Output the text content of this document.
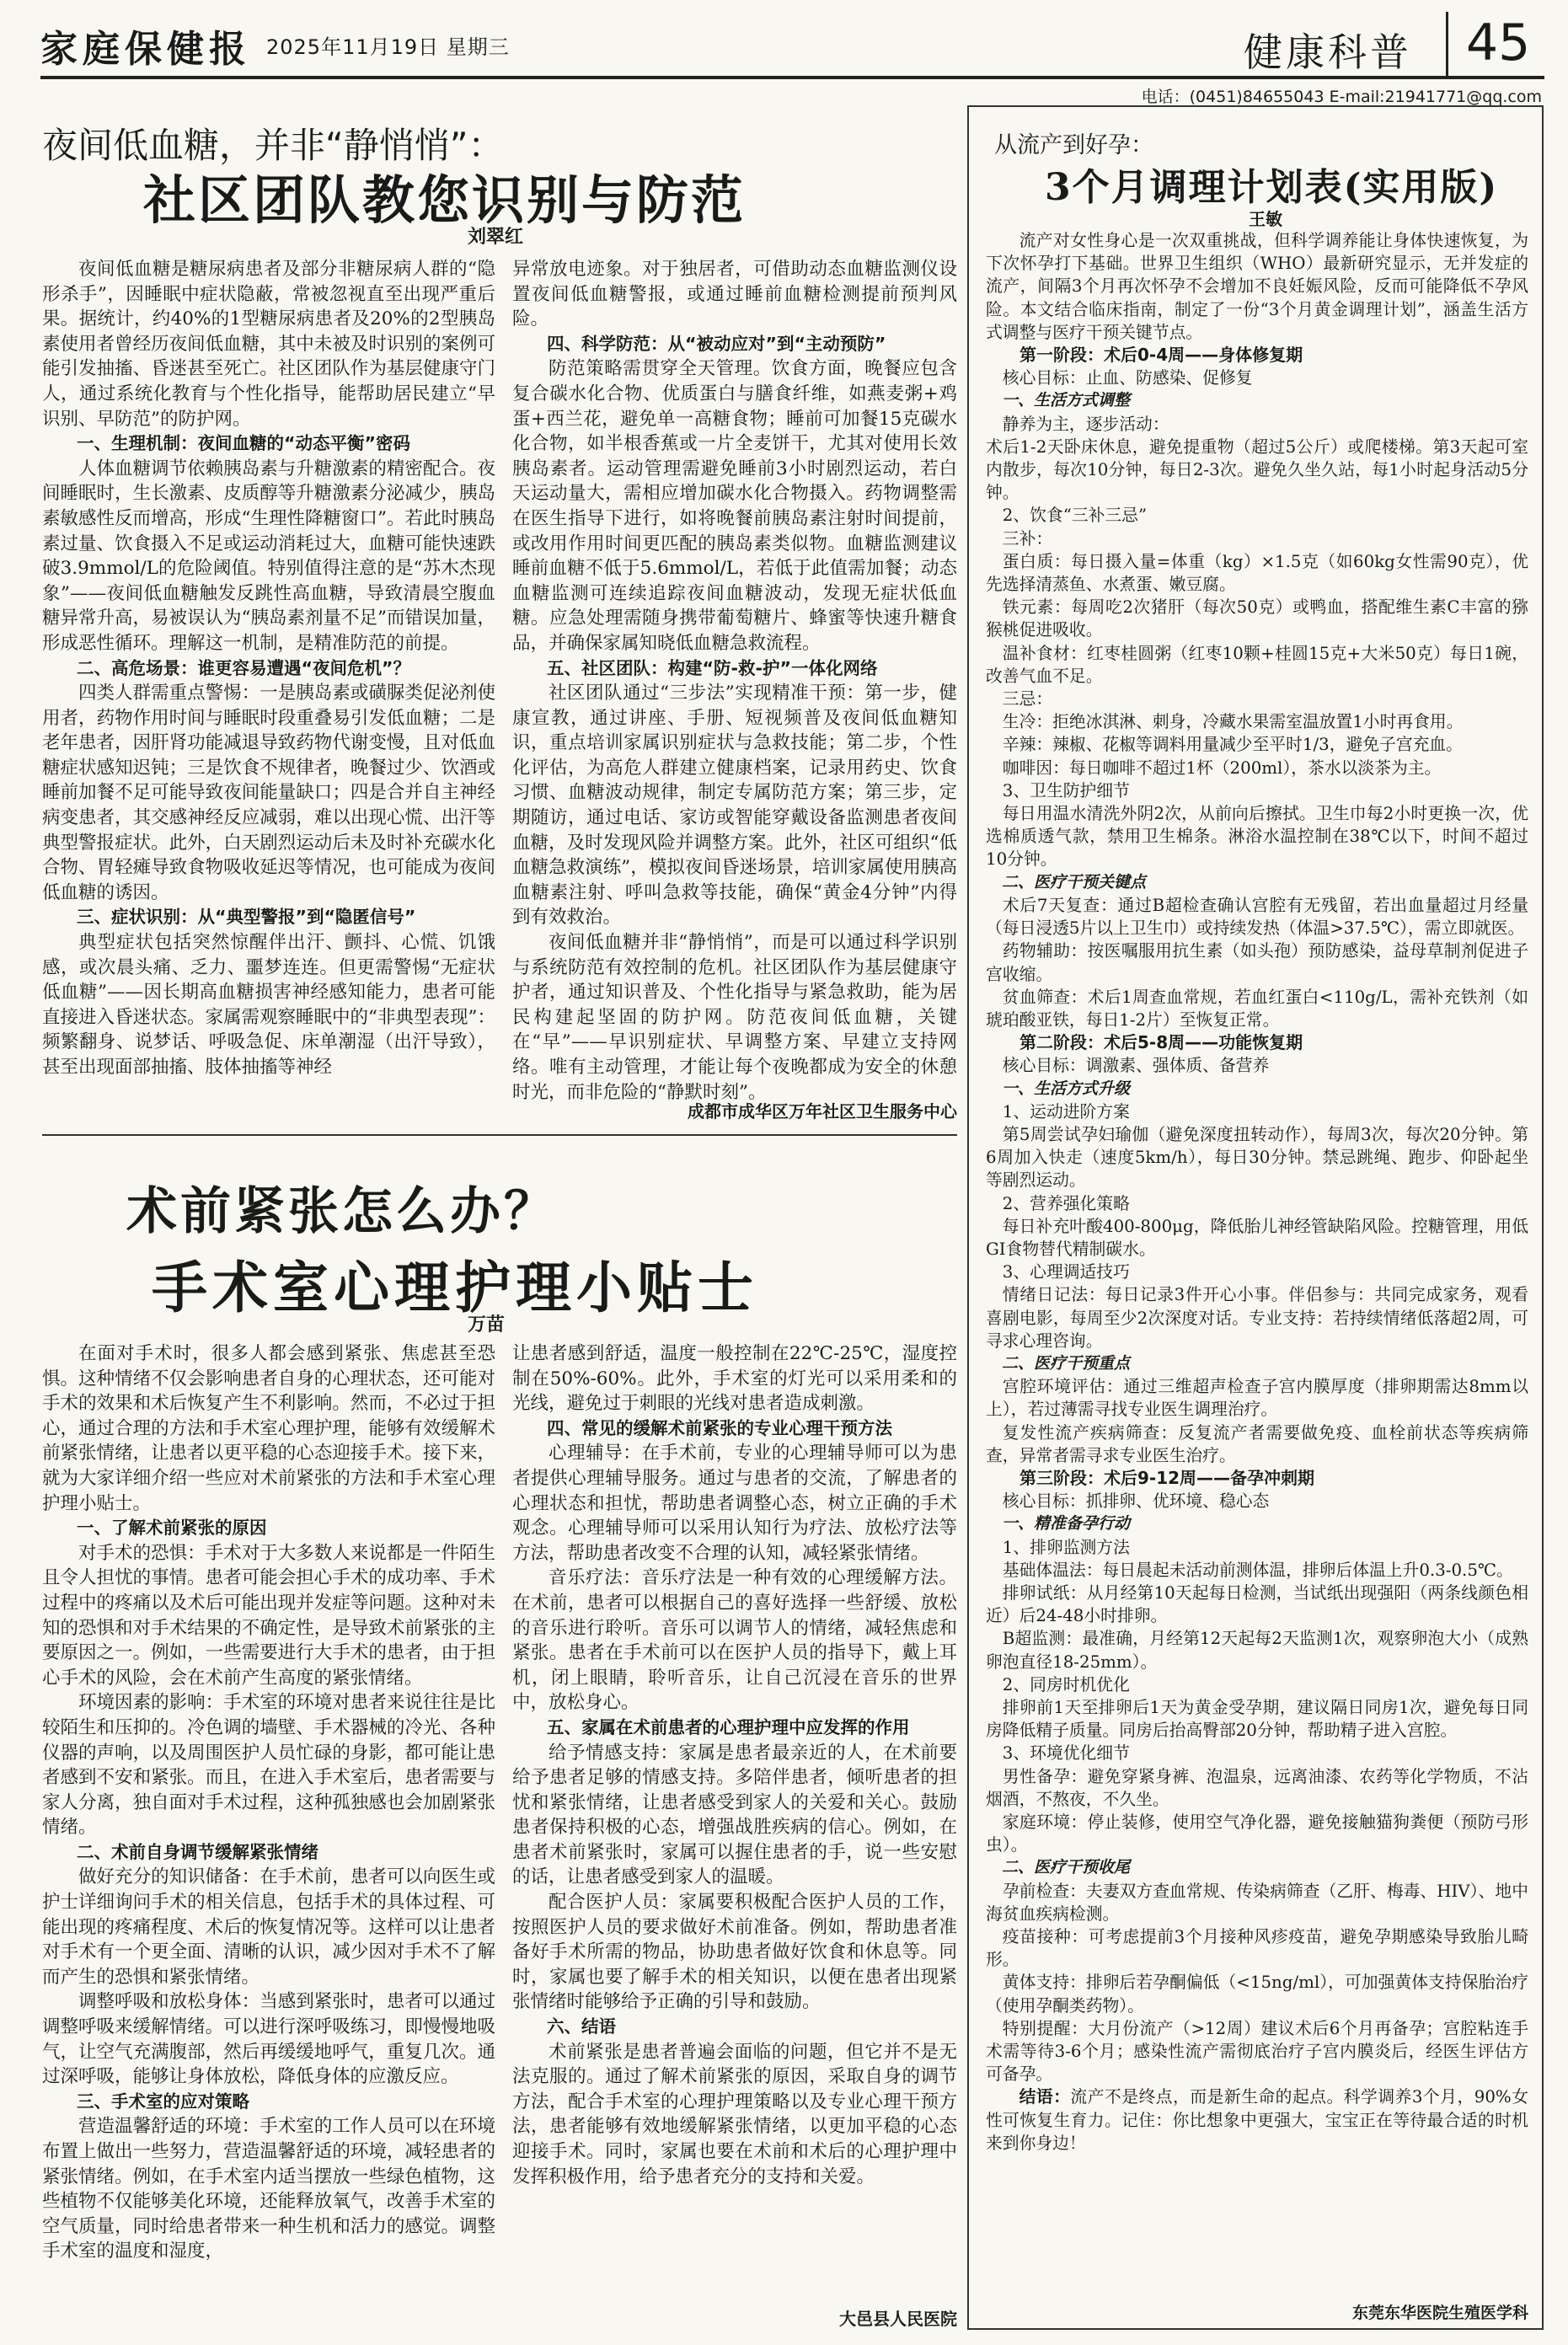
家庭保健报 2025年11月19日 星期三	健康科普 45
电话：(0451)84655043 E-mail:21941771@qq.com
夜间低血糖，并非“静悄悄”：
社区团队教您识别与防范
刘翠红

夜间低血糖是糖尿病患者及部分非糖尿病人群的“隐形杀手”，因睡眠中症状隐蔽，常被忽视直至出现严重后果。据统计，约40%的1型糖尿病患者及20%的2型胰岛素使用者曾经历夜间低血糖，其中未被及时识别的案例可能引发抽搐、昏迷甚至死亡。社区团队作为基层健康守门人，通过系统化教育与个性化指导，能帮助居民建立“早识别、早防范”的防护网。

一、生理机制：夜间血糖的“动态平衡”密码

人体血糖调节依赖胰岛素与升糖激素的精密配合。夜间睡眠时，生长激素、皮质醇等升糖激素分泌减少，胰岛素敏感性反而增高，形成“生理性降糖窗口”。若此时胰岛素过量、饮食摄入不足或运动消耗过大，血糖可能快速跌破3.9mmol/L的危险阈值。特别值得注意的是“苏木杰现象”——夜间低血糖触发反跳性高血糖，导致清晨空腹血糖异常升高，易被误认为“胰岛素剂量不足”而错误加量，形成恶性循环。理解这一机制，是精准防范的前提。

二、高危场景：谁更容易遭遇“夜间危机”？

四类人群需重点警惕：一是胰岛素或磺脲类促泌剂使用者，药物作用时间与睡眠时段重叠易引发低血糖；二是老年患者，因肝肾功能减退导致药物代谢变慢，且对低血糖症状感知迟钝；三是饮食不规律者，晚餐过少、饮酒或睡前加餐不足可能导致夜间能量缺口；四是合并自主神经病变患者，其交感神经反应减弱，难以出现心慌、出汗等典型警报症状。此外，白天剧烈运动后未及时补充碳水化合物、胃轻瘫导致食物吸收延迟等情况，也可能成为夜间低血糖的诱因。

三、症状识别：从“典型警报”到“隐匿信号”

典型症状包括突然惊醒伴出汗、颤抖、心慌、饥饿感，或次晨头痛、乏力、噩梦连连。但更需警惕“无症状低血糖”——因长期高血糖损害神经感知能力，患者可能直接进入昏迷状态。家属需观察睡眠中的“非典型表现”：频繁翻身、说梦话、呼吸急促、床单潮湿（出汗导致），甚至出现面部抽搐、肢体抽搐等神经

异常放电迹象。对于独居者，可借助动态血糖监测仪设置夜间低血糖警报，或通过睡前血糖检测提前预判风险。

四、科学防范：从“被动应对”到“主动预防”

防范策略需贯穿全天管理。饮食方面，晚餐应包含复合碳水化合物、优质蛋白与膳食纤维，如燕麦粥+鸡蛋+西兰花，避免单一高糖食物；睡前可加餐15克碳水化合物，如半根香蕉或一片全麦饼干，尤其对使用长效胰岛素者。运动管理需避免睡前3小时剧烈运动，若白天运动量大，需相应增加碳水化合物摄入。药物调整需在医生指导下进行，如将晚餐前胰岛素注射时间提前，或改用作用时间更匹配的胰岛素类似物。血糖监测建议睡前血糖不低于5.6mmol/L，若低于此值需加餐；动态血糖监测可连续追踪夜间血糖波动，发现无症状低血糖。应急处理需随身携带葡萄糖片、蜂蜜等快速升糖食品，并确保家属知晓低血糖急救流程。

五、社区团队：构建“防-救-护”一体化网络

社区团队通过“三步法”实现精准干预：第一步，健康宣教，通过讲座、手册、短视频普及夜间低血糖知识，重点培训家属识别症状与急救技能；第二步，个性化评估，为高危人群建立健康档案，记录用药史、饮食习惯、血糖波动规律，制定专属防范方案；第三步，定期随访，通过电话、家访或智能穿戴设备监测患者夜间血糖，及时发现风险并调整方案。此外，社区可组织“低血糖急救演练”，模拟夜间昏迷场景，培训家属使用胰高血糖素注射、呼叫急救等技能，确保“黄金4分钟”内得到有效救治。

夜间低血糖并非“静悄悄”，而是可以通过科学识别与系统防范有效控制的危机。社区团队作为基层健康守护者，通过知识普及、个性化指导与紧急救助，能为居民构建起坚固的防护网。防范夜间低血糖，关键在“早”——早识别症状、早调整方案、早建立支持网络。唯有主动管理，才能让每个夜晚都成为安全的休憩时光，而非危险的“静默时刻”。

成都市成华区万年社区卫生服务中心
术前紧张怎么办？
手术室心理护理小贴士
万苗

在面对手术时，很多人都会感到紧张、焦虑甚至恐惧。这种情绪不仅会影响患者自身的心理状态，还可能对手术的效果和术后恢复产生不利影响。然而，不必过于担心，通过合理的方法和手术室心理护理，能够有效缓解术前紧张情绪，让患者以更平稳的心态迎接手术。接下来，就为大家详细介绍一些应对术前紧张的方法和手术室心理护理小贴士。

一、了解术前紧张的原因

对手术的恐惧：手术对于大多数人来说都是一件陌生且令人担忧的事情。患者可能会担心手术的成功率、手术过程中的疼痛以及术后可能出现并发症等问题。这种对未知的恐惧和对手术结果的不确定性，是导致术前紧张的主要原因之一。例如，一些需要进行大手术的患者，由于担心手术的风险，会在术前产生高度的紧张情绪。

环境因素的影响：手术室的环境对患者来说往往是比较陌生和压抑的。冷色调的墙壁、手术器械的冷光、各种仪器的声响，以及周围医护人员忙碌的身影，都可能让患者感到不安和紧张。而且，在进入手术室后，患者需要与家人分离，独自面对手术过程，这种孤独感也会加剧紧张情绪。

二、术前自身调节缓解紧张情绪

做好充分的知识储备：在手术前，患者可以向医生或护士详细询问手术的相关信息，包括手术的具体过程、可能出现的疼痛程度、术后的恢复情况等。这样可以让患者对手术有一个更全面、清晰的认识，减少因对手术不了解而产生的恐惧和紧张情绪。

调整呼吸和放松身体：当感到紧张时，患者可以通过调整呼吸来缓解情绪。可以进行深呼吸练习，即慢慢地吸气，让空气充满腹部，然后再缓缓地呼气，重复几次。通过深呼吸，能够让身体放松，降低身体的应激反应。

三、手术室的应对策略

营造温馨舒适的环境：手术室的工作人员可以在环境布置上做出一些努力，营造温馨舒适的环境，减轻患者的紧张情绪。例如，在手术室内适当摆放一些绿色植物，这些植物不仅能够美化环境，还能释放氧气，改善手术室的空气质量，同时给患者带来一种生机和活力的感觉。调整手术室的温度和湿度，

让患者感到舒适，温度一般控制在22℃-25℃，湿度控制在50%-60%。此外，手术室的灯光可以采用柔和的光线，避免过于刺眼的光线对患者造成刺激。

四、常见的缓解术前紧张的专业心理干预方法

心理辅导：在手术前，专业的心理辅导师可以为患者提供心理辅导服务。通过与患者的交流，了解患者的心理状态和担忧，帮助患者调整心态，树立正确的手术观念。心理辅导师可以采用认知行为疗法、放松疗法等方法，帮助患者改变不合理的认知，减轻紧张情绪。

音乐疗法：音乐疗法是一种有效的心理缓解方法。在术前，患者可以根据自己的喜好选择一些舒缓、放松的音乐进行聆听。音乐可以调节人的情绪，减轻焦虑和紧张。患者在手术前可以在医护人员的指导下，戴上耳机，闭上眼睛，聆听音乐，让自己沉浸在音乐的世界中，放松身心。

五、家属在术前患者的心理护理中应发挥的作用

给予情感支持：家属是患者最亲近的人，在术前要给予患者足够的情感支持。多陪伴患者，倾听患者的担忧和紧张情绪，让患者感受到家人的关爱和关心。鼓励患者保持积极的心态，增强战胜疾病的信心。例如，在患者术前紧张时，家属可以握住患者的手，说一些安慰的话，让患者感受到家人的温暖。

配合医护人员：家属要积极配合医护人员的工作，按照医护人员的要求做好术前准备。例如，帮助患者准备好手术所需的物品，协助患者做好饮食和休息等。同时，家属也要了解手术的相关知识，以便在患者出现紧张情绪时能够给予正确的引导和鼓励。

六、结语

术前紧张是患者普遍会面临的问题，但它并不是无法克服的。通过了解术前紧张的原因，采取自身的调节方法，配合手术室的心理护理策略以及专业心理干预方法，患者能够有效地缓解紧张情绪，以更加平稳的心态迎接手术。同时，家属也要在术前和术后的心理护理中发挥积极作用，给予患者充分的支持和关爱。

大邑县人民医院
从流产到好孕：
3个月调理计划表(实用版)
王敏

流产对女性身心是一次双重挑战，但科学调养能让身体快速恢复，为下次怀孕打下基础。世界卫生组织（WHO）最新研究显示，无并发症的流产，间隔3个月再次怀孕不会增加不良妊娠风险，反而可能降低不孕风险。本文结合临床指南，制定了一份“3个月黄金调理计划”，涵盖生活方式调整与医疗干预关键节点。

第一阶段：术后0-4周——身体修复期

核心目标：止血、防感染、促修复

一、生活方式调整

静养为主，逐步活动：

术后1-2天卧床休息，避免提重物（超过5公斤）或爬楼梯。第3天起可室内散步，每次10分钟，每日2-3次。避免久坐久站，每1小时起身活动5分钟。

2、饮食“三补三忌”

三补：

蛋白质：每日摄入量=体重（kg）×1.5克（如60kg女性需90克），优先选择清蒸鱼、水煮蛋、嫩豆腐。

铁元素：每周吃2次猪肝（每次50克）或鸭血，搭配维生素C丰富的猕猴桃促进吸收。

温补食材：红枣桂圆粥（红枣10颗+桂圆15克+大米50克）每日1碗，改善气血不足。

三忌：

生冷：拒绝冰淇淋、刺身，冷藏水果需室温放置1小时再食用。

辛辣：辣椒、花椒等调料用量减少至平时1/3，避免子宫充血。

咖啡因：每日咖啡不超过1杯（200ml），茶水以淡茶为主。

3、卫生防护细节

每日用温水清洗外阴2次，从前向后擦拭。卫生巾每2小时更换一次，优选棉质透气款，禁用卫生棉条。淋浴水温控制在38℃以下，时间不超过10分钟。

二、医疗干预关键点

术后7天复查：通过B超检查确认宫腔有无残留，若出血量超过月经量（每日浸透5片以上卫生巾）或持续发热（体温>37.5℃），需立即就医。

药物辅助：按医嘱服用抗生素（如头孢）预防感染，益母草制剂促进子宫收缩。

贫血筛查：术后1周查血常规，若血红蛋白<110g/L，需补充铁剂（如琥珀酸亚铁，每日1-2片）至恢复正常。

第二阶段：术后5-8周——功能恢复期

核心目标：调激素、强体质、备营养

一、生活方式升级

1、运动进阶方案

第5周尝试孕妇瑜伽（避免深度扭转动作），每周3次，每次20分钟。第6周加入快走（速度5km/h），每日30分钟。禁忌跳绳、跑步、仰卧起坐等剧烈运动。

2、营养强化策略

每日补充叶酸400-800μg，降低胎儿神经管缺陷风险。控糖管理，用低GI食物替代精制碳水。

3、心理调适技巧

情绪日记法：每日记录3件开心小事。伴侣参与：共同完成家务，观看喜剧电影，每周至少2次深度对话。专业支持：若持续情绪低落超2周，可寻求心理咨询。

二、医疗干预重点

宫腔环境评估：通过三维超声检查子宫内膜厚度（排卵期需达8mm以上），若过薄需寻找专业医生调理治疗。

复发性流产疾病筛查：反复流产者需要做免疫、血栓前状态等疾病筛查，异常者需寻求专业医生治疗。

第三阶段：术后9-12周——备孕冲刺期

核心目标：抓排卵、优环境、稳心态

一、精准备孕行动

1、排卵监测方法

基础体温法：每日晨起未活动前测体温，排卵后体温上升0.3-0.5℃。

排卵试纸：从月经第10天起每日检测，当试纸出现强阳（两条线颜色相近）后24-48小时排卵。

B超监测：最准确，月经第12天起每2天监测1次，观察卵泡大小（成熟卵泡直径18-25mm）。

2、同房时机优化

排卵前1天至排卵后1天为黄金受孕期，建议隔日同房1次，避免每日同房降低精子质量。同房后抬高臀部20分钟，帮助精子进入宫腔。

3、环境优化细节

男性备孕：避免穿紧身裤、泡温泉，远离油漆、农药等化学物质，不沾烟酒，不熬夜，不久坐。

家庭环境：停止装修，使用空气净化器，避免接触猫狗粪便（预防弓形虫）。

二、医疗干预收尾

孕前检查：夫妻双方查血常规、传染病筛查（乙肝、梅毒、HIV）、地中海贫血疾病检测。

疫苗接种：可考虑提前3个月接种风疹疫苗，避免孕期感染导致胎儿畸形。

黄体支持：排卵后若孕酮偏低（<15ng/ml），可加强黄体支持保胎治疗（使用孕酮类药物）。

特别提醒：大月份流产（>12周）建议术后6个月再备孕；宫腔粘连手术需等待3-6个月；感染性流产需彻底治疗子宫内膜炎后，经医生评估方可备孕。

结语：流产不是终点，而是新生命的起点。科学调养3个月，90%女性可恢复生育力。记住：你比想象中更强大，宝宝正在等待最合适的时机来到你身边！

东莞东华医院生殖医学科
